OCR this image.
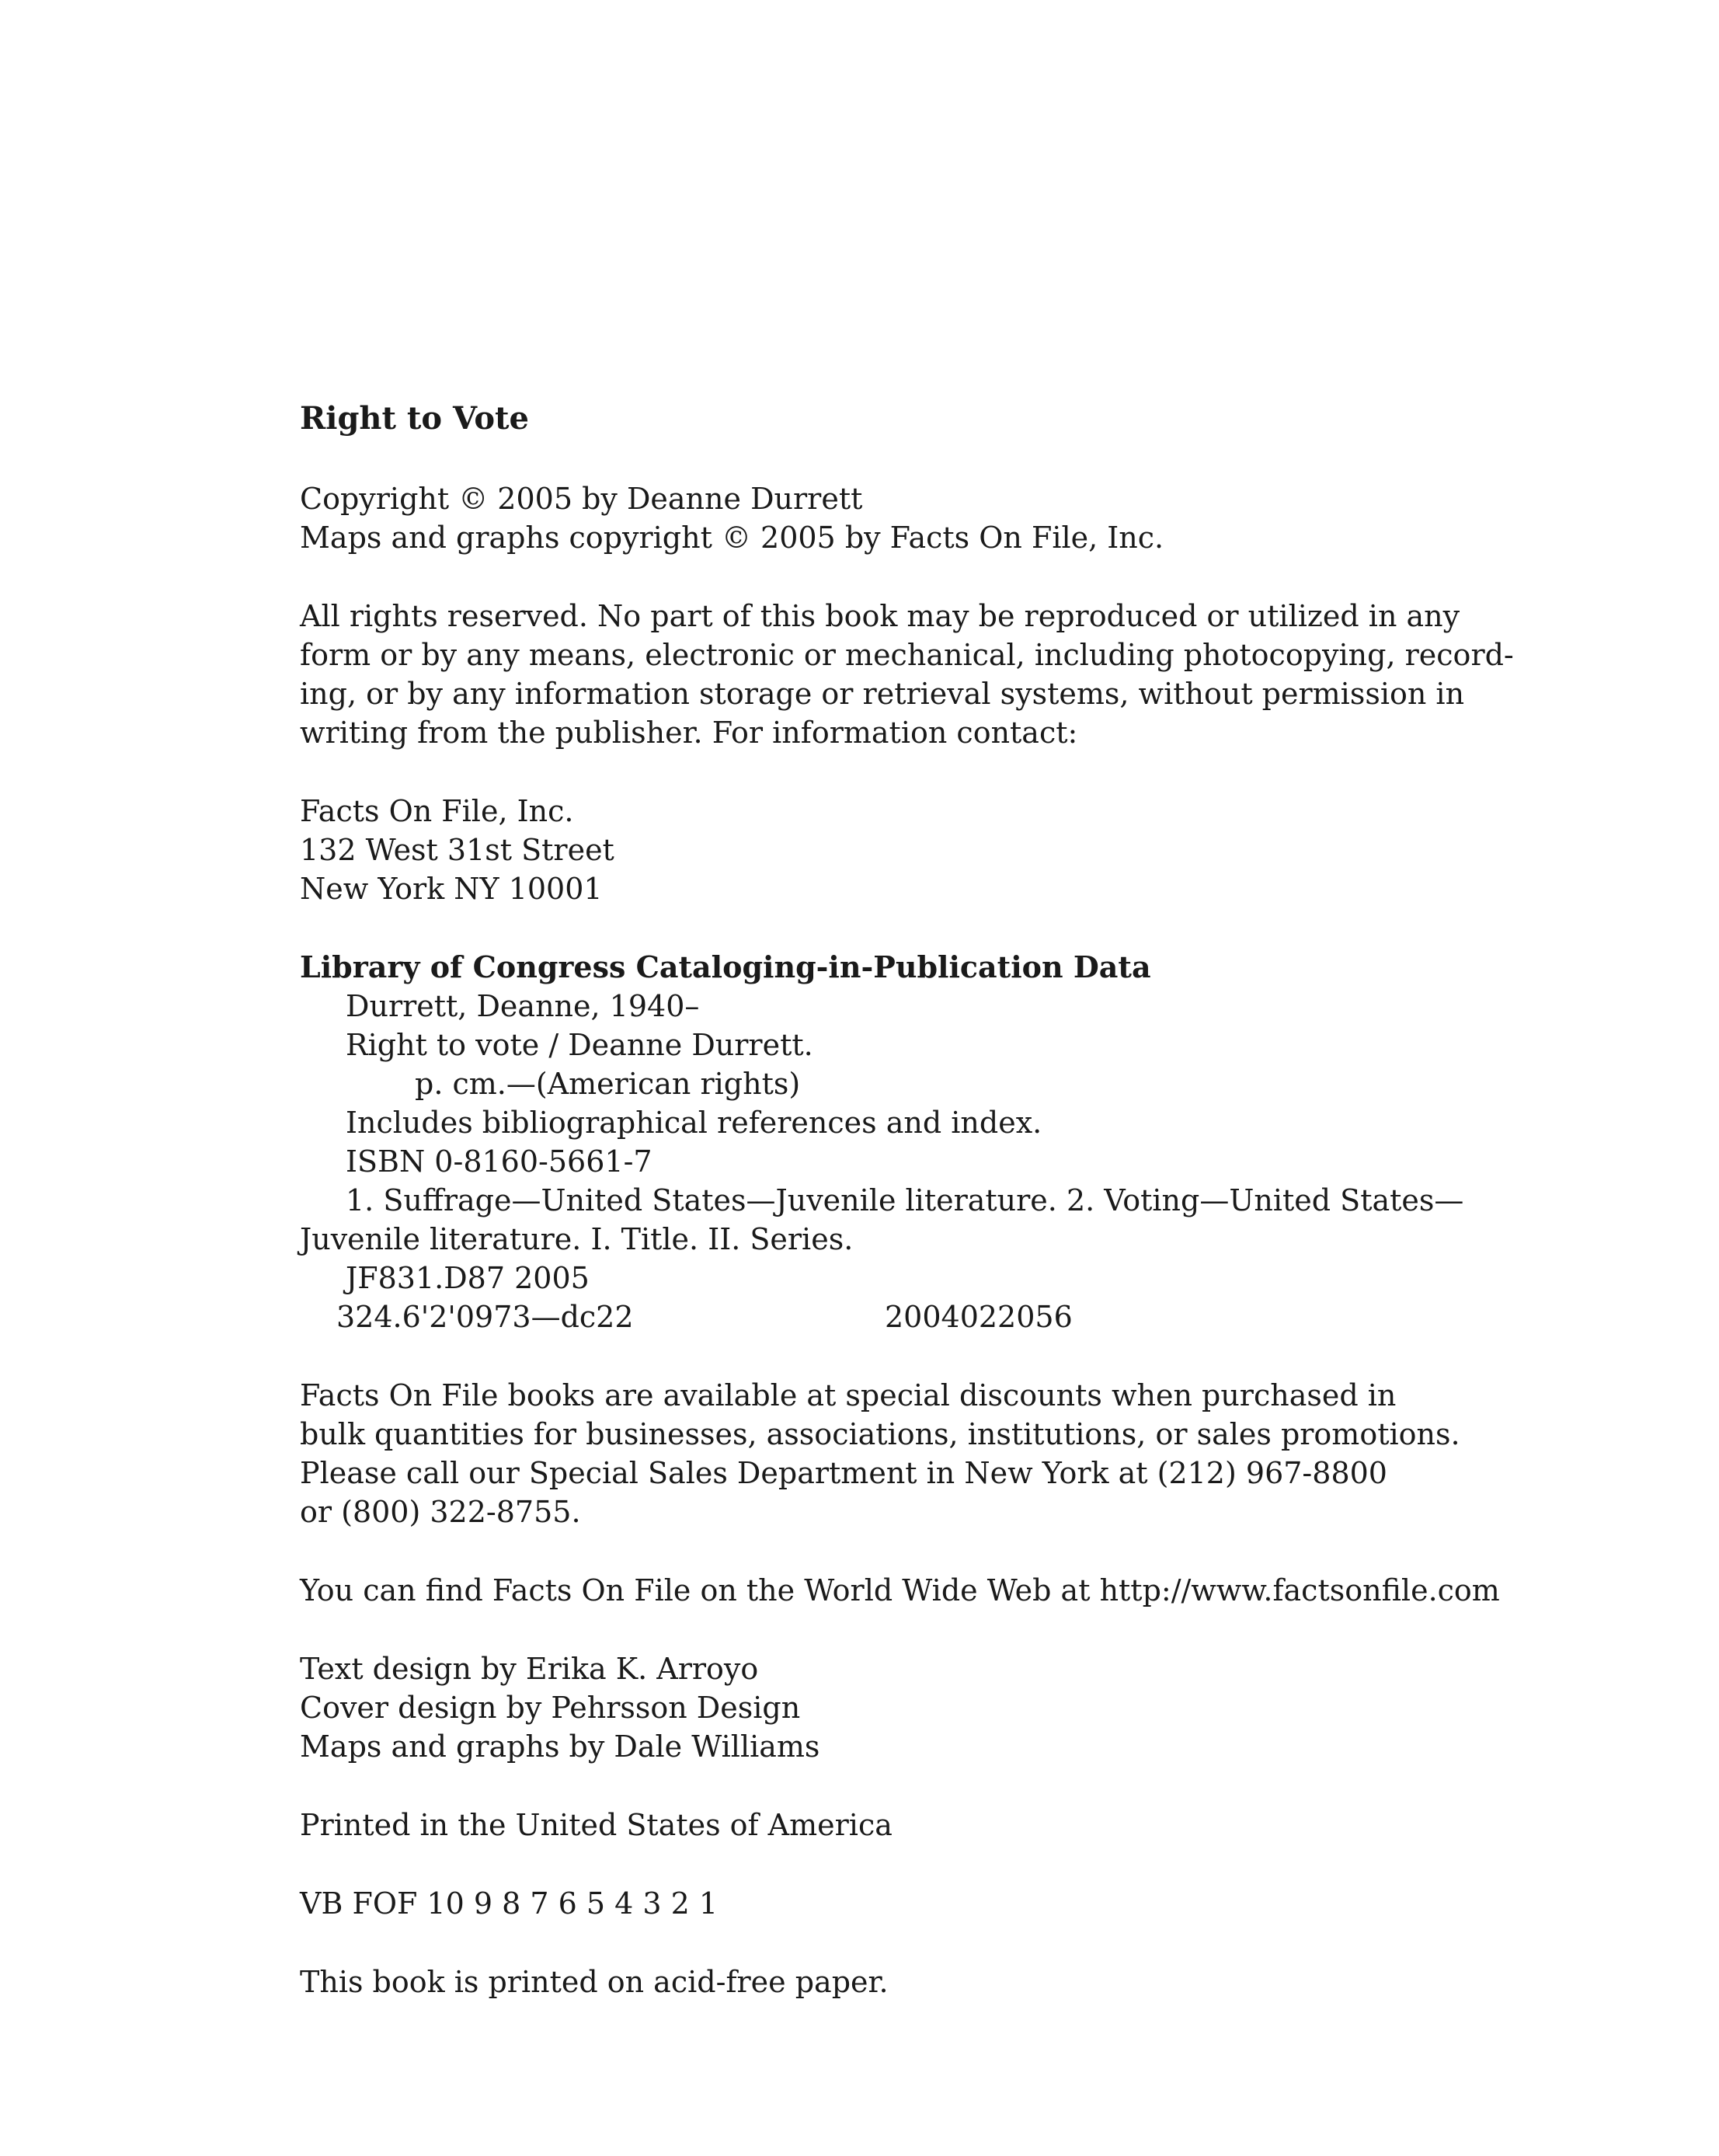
Right to Vote
Copyright © 2005 by Deanne Durrett
Maps and graphs copyright © 2005 by Facts On File, Inc.
All rights reserved. No part of this book may be reproduced or utilized in any
form or by any means, electronic or mechanical, including photocopying, record-
ing, or by any information storage or retrieval systems, without permission in
writing from the publisher. For information contact:
Facts On File, Inc.
132 West 31st Street
New York NY 10001
Library of Congress Cataloging-in-Publication Data
Durrett, Deanne, 1940–
Right to vote / Deanne Durrett.
p. cm.—(American rights)
Includes bibliographical references and index.
ISBN 0-8160-5661-7
1. Suffrage—United States—Juvenile literature. 2. Voting—United States—
Juvenile literature. I. Title. II. Series.
JF831.D87 2005
324.6'2'0973—dc22	2004022056
Facts On File books are available at special discounts when purchased in
bulk quantities for businesses, associations, institutions, or sales promotions.
Please call our Special Sales Department in New York at (212) 967-8800
or (800) 322-8755.
You can find Facts On File on the World Wide Web at http://www.factsonfile.com
Text design by Erika K. Arroyo
Cover design by Pehrsson Design
Maps and graphs by Dale Williams
Printed in the United States of America
VB FOF 10 9 8 7 6 5 4 3 2 1
This book is printed on acid-free paper.
